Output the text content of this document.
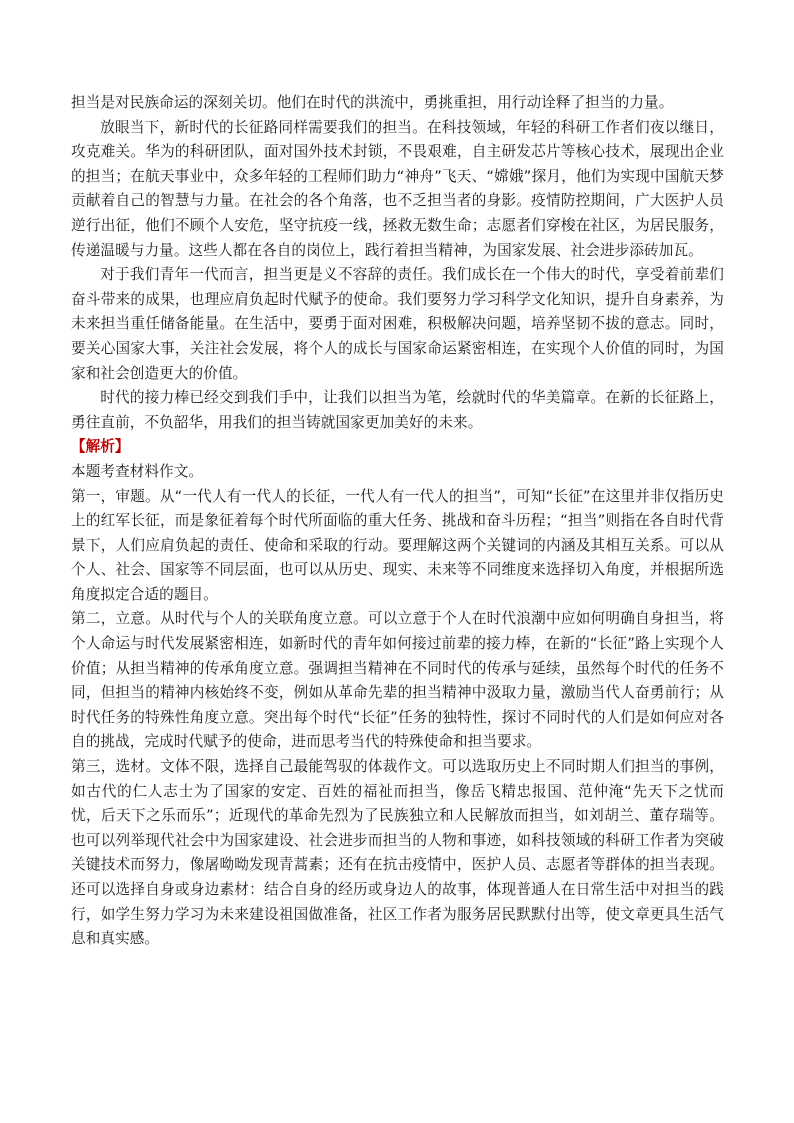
担当是对民族命运的深刻关切。他们在时代的洪流中，勇挑重担，用行动诠释了担当的力量。

放眼当下，新时代的长征路同样需要我们的担当。在科技领域，年轻的科研工作者们夜以继日，攻克难关。华为的科研团队，面对国外技术封锁，不畏艰难，自主研发芯片等核心技术，展现出企业的担当；在航天事业中，众多年轻的工程师们助力“神舟”飞天、“嫦娥”探月，他们为实现中国航天梦贡献着自己的智慧与力量。在社会的各个角落，也不乏担当者的身影。疫情防控期间，广大医护人员逆行出征，他们不顾个人安危，坚守抗疫一线，拯救无数生命；志愿者们穿梭在社区，为居民服务，传递温暖与力量。这些人都在各自的岗位上，践行着担当精神，为国家发展、社会进步添砖加瓦。

对于我们青年一代而言，担当更是义不容辞的责任。我们成长在一个伟大的时代，享受着前辈们奋斗带来的成果，也理应肩负起时代赋予的使命。我们要努力学习科学文化知识，提升自身素养，为未来担当重任储备能量。在生活中，要勇于面对困难，积极解决问题，培养坚韧不拔的意志。同时，要关心国家大事，关注社会发展，将个人的成长与国家命运紧密相连，在实现个人价值的同时，为国家和社会创造更大的价值。

时代的接力棒已经交到我们手中，让我们以担当为笔，绘就时代的华美篇章。在新的长征路上，勇往直前，不负韶华，用我们的担当铸就国家更加美好的未来。

【解析】

本题考查材料作文。

第一，审题。从“一代人有一代人的长征，一代人有一代人的担当”，可知“长征”在这里并非仅指历史上的红军长征，而是象征着每个时代所面临的重大任务、挑战和奋斗历程；“担当”则指在各自时代背景下，人们应肩负起的责任、使命和采取的行动。要理解这两个关键词的内涵及其相互关系。可以从个人、社会、国家等不同层面，也可以从历史、现实、未来等不同维度来选择切入角度，并根据所选角度拟定合适的题目。

第二，立意。从时代与个人的关联角度立意。可以立意于个人在时代浪潮中应如何明确自身担当，将个人命运与时代发展紧密相连，如新时代的青年如何接过前辈的接力棒，在新的“长征”路上实现个人价值；从担当精神的传承角度立意。强调担当精神在不同时代的传承与延续，虽然每个时代的任务不同，但担当的精神内核始终不变，例如从革命先辈的担当精神中汲取力量，激励当代人奋勇前行；从时代任务的特殊性角度立意。突出每个时代“长征”任务的独特性，探讨不同时代的人们是如何应对各自的挑战，完成时代赋予的使命，进而思考当代的特殊使命和担当要求。

第三，选材。文体不限，选择自己最能驾驭的体裁作文。可以选取历史上不同时期人们担当的事例，如古代的仁人志士为了国家的安定、百姓的福祉而担当，像岳飞精忠报国、范仲淹“先天下之忧而忧，后天下之乐而乐”；近现代的革命先烈为了民族独立和人民解放而担当，如刘胡兰、董存瑞等。也可以列举现代社会中为国家建设、社会进步而担当的人物和事迹，如科技领域的科研工作者为突破关键技术而努力，像屠呦呦发现青蒿素；还有在抗击疫情中，医护人员、志愿者等群体的担当表现。还可以选择自身或身边素材：结合自身的经历或身边人的故事，体现普通人在日常生活中对担当的践行，如学生努力学习为未来建设祖国做准备，社区工作者为服务居民默默付出等，使文章更具生活气息和真实感。
